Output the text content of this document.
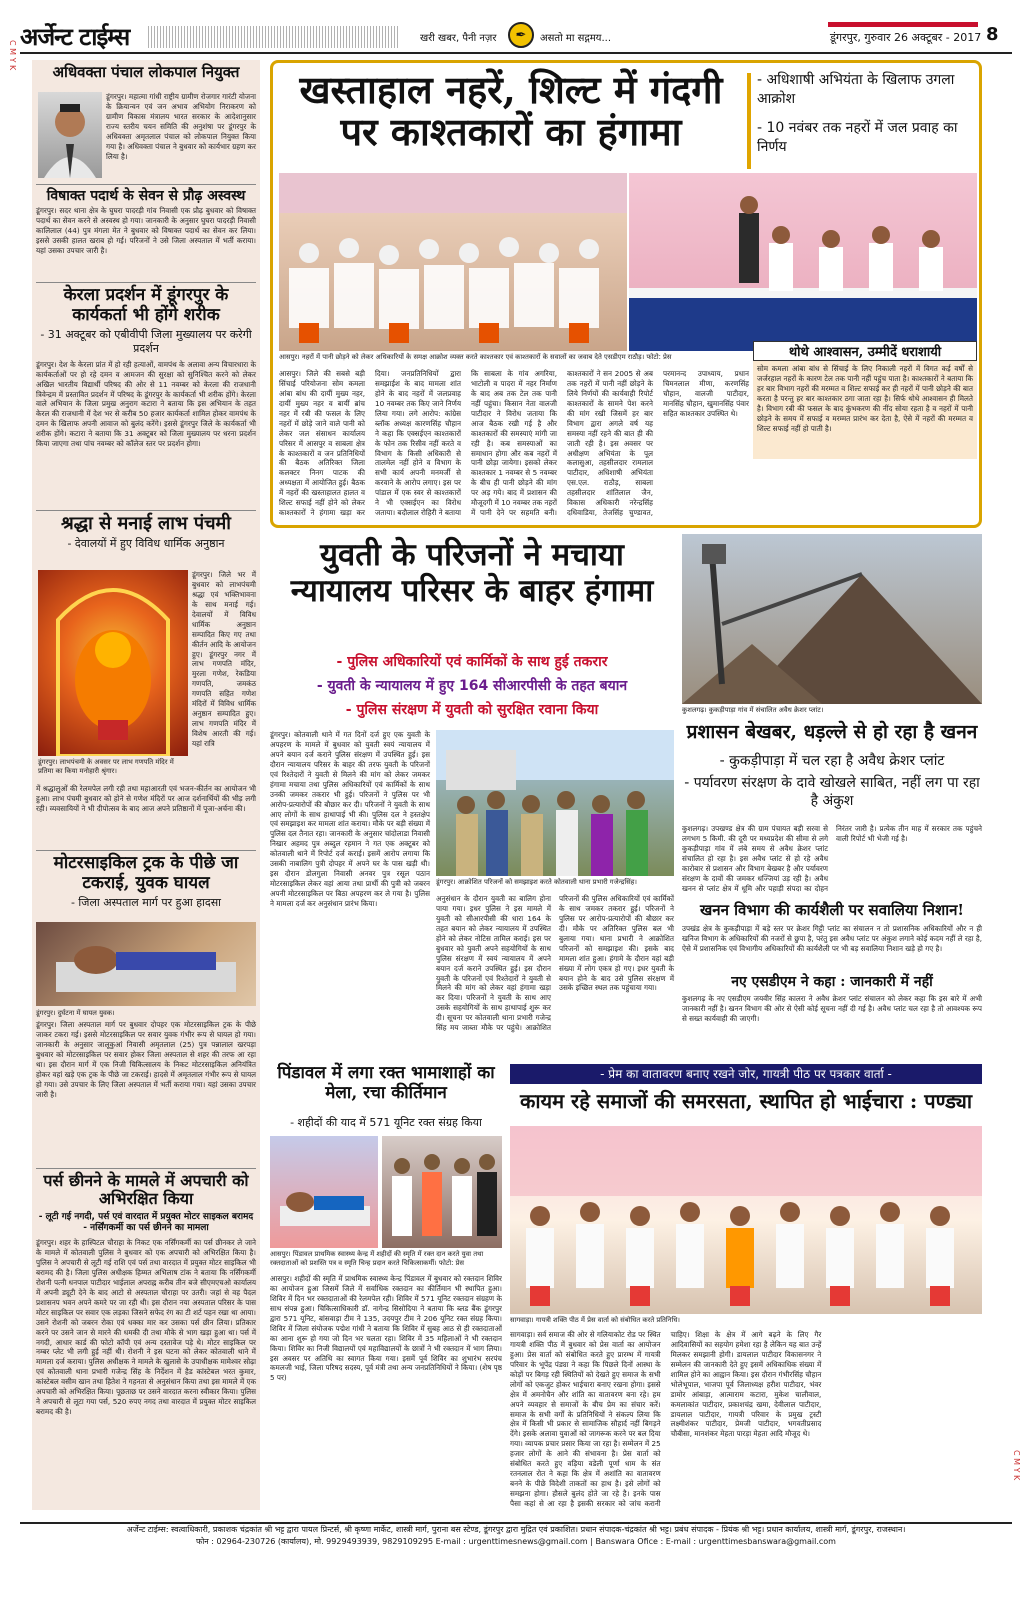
अर्जेन्ट टाईम्स	खरी खबर, पैनी नज़र	✒	असतो मा सद्गमय...	डूंगरपुर, गुरुवार 26 अक्टूबर - 2017 8
C M Y K
C M Y K
अधिवक्ता पंचाल लोकपाल नियुक्त

डूंगरपुर। महात्मा गांधी राष्ट्रीय ग्रामीण रोजगार गारंटी योजना के क्रियान्वन एवं जन अभाव अभियोग निराकरण को ग्रामीण विकास मंत्रालय भारत सरकार के आदेशानुसार राज्य स्तरीय चयन समिति की अनुशंषा पर डूंगरपुर के अधिवक्ता अमृतलाल पंचाल को लोकपाल नियुक्त किया गया है। अधिवक्ता पंचाल ने बुधवार को कार्यभार ग्रहण कर लिया है।

विषाक्त पदार्थ के सेवन से प्रौढ़ अस्वस्थ

डूंगरपुर। सदर थाना क्षेत्र के घुघरा पादरड़ी गांव निवासी एक प्रौढ़ बुधवार को विषाक्त पदार्थ का सेवन करने से अस्वस्थ हो गया। जानकारी के अनुसार घुघरा पादरड़ी निवासी कालिलाल (44) पुत्र मंगला मेत ने बुधवार को विषाक्त पदार्थ का सेवन कर लिया। इससे उसकी हालत खराब हो गई। परिजनों ने उसे जिला अस्पताल में भर्ती कराया। यहां उसका उपचार जारी है।

केरला प्रदर्शन में डूंगरपुर के कार्यकर्ता भी होंगे शरीक

- 31 अक्टूबर को एबीवीपी जिला मुख्यालय पर करेगी प्रदर्शन

डूंगरपुर। देश के केरला प्रांत में हो रही हत्याओं, वामपंथ के अलावा अन्य विचारधारा के कार्यकर्ताओं पर हो रहे दमन व आमजन की सुरक्षा को सुनिश्चित करने को लेकर अखिल भारतीय विद्यार्थी परिषद की ओर से 11 नवम्बर को केरला की राजधानी त्रिवेन्द्रम में प्रस्तावित प्रदर्शन में परिषद के डूंगरपुर के कार्यकर्ता भी शरीक होंगे। केरला वाले अभियान के जिला प्रमुख अनुराग कटारा ने बताया कि इस अभियान के तहत केरल की राजधानी में देश भर से करीब 50 हजार कार्यकर्ता शामिल होकर वामपंथ के दमन के खिलाफ अपनी आवाज को बुलंद करेंगे। इससे डूंगरपुर जिले के कार्यकर्ता भी शरीक होंगे। कटारा ने बताया कि 31 अक्टूबर को जिला मुख्यालय पर धरना प्रदर्शन किया जाएगा तथा पांच नवम्बर को कॉलेज स्तर पर प्रदर्शन होगा।

श्रद्धा से मनाई लाभ पंचमी

- देवालयों में हुए विविध धार्मिक अनुष्ठान

डूंगरपुर। जिले भर में बुधवार को लाभपंचमी श्रद्धा एवं भक्तिभावना के साथ मनाई गई। देवालयों में विविध धार्मिक अनुष्ठान सम्पादित किए गए तथा कीर्तन आदि के आयोजन हुए। डूंगरपुर नगर में लाभ गणपति मंदिर, मुरला गणेश, रेकडिया गणपति, जमकंठ गणपति सहित गणेश मंदिरों में विविध धार्मिक अनुष्ठान सम्पादित हुए। लाभ गणपति मंदिर में विशेष आरती की गई। यहां रात्रि

डूंगरपुर। लाभपंचमी के अवसर पर लाभ गणपति मंदिर में प्रतिमा का किया मनोहारी श्रृंगार।

में श्रद्धालुओं की रेलमपेल लगी रही तथा महाआरती एवं भजन-कीर्तन का आयोजन भी हुआ। लाभ पंचमी बुधवार को होने से गणेश मंदिरों पर आज दर्शनार्थियों की भीड़ लगी रही। व्यवसायियों ने भी दीपोत्सव के बाद आज अपने प्रतिष्ठानों में पूजा-अर्चना की।

मोटरसाइकिल ट्रक के पीछे जा टकराई, युवक घायल

- जिला अस्पताल मार्ग पर हुआ हादसा

डूंगरपुर। दुर्घटना में घायल युवक।

डूंगरपुर। जिला अस्पताल मार्ग पर बुधवार दोपहर एक मोटरसाइकिल ट्रक के पीछे जाकर टकरा गई। इससे मोटरसाइकिल पर सवार युवक गंभीर रूप से घायल हो गया। जानकारी के अनुसार जालूकुआं निवासी अमृतलाल (25) पुत्र पन्नालाल खरपड़ा बुधवार को मोटरसाइकिल पर सवार होकर जिला अस्पताल से शहर की तरफ आ रहा था। इस दौरान मार्ग में एक निजी चिकित्सालय के निकट मोटरसाइकिल अनियंत्रित होकर वहां खड़े एक ट्रक के पीछे जा टकराई। हादसे में अमृतलाल गंभीर रूप से घायल हो गया। उसे उपचार के लिए जिला अस्पताल में भर्ती कराया गया। यहां उसका उपचार जारी है।

पर्स छीनने के मामले में अपचारी को अभिरक्षित किया

- लूटी गई नगदी, पर्स एवं वारदात में प्रयुक्त मोटर साइकल बरामद - नर्सिंगकर्मी का पर्स छीनने का मामला

डूंगरपुर। शहर के हास्पिटल चौराहा के निकट एक नर्सिंगकर्मी का पर्स छीनकर ले जाने के मामले में कोतवाली पुलिस ने बुधवार को एक अपचारी को अभिरक्षित किया है। पुलिस ने अपचारी से लूटी गई राशि एवं पर्स तथा वारदात में प्रयुक्त मोटर साइकिल भी बरामद की है। जिला पुलिस अधीक्षक हिम्मत अभिलाष टांक ने बताया कि नर्सिंगकर्मी रोशनी पत्नी धनपाल पाटीदार भाईलाल अपराह्न करीब तीन बजे सीएमएचओ कार्यालय में अपनी ड्यूटी देने के बाद आटो से अस्पताल चौराहा पर उतरी। जहां से वह पैदल प्रशासनप भवन अपने कमरे पर जा रही थी। इस दौरान नया अस्पताल परिसर के पास मोटर साइकिल पर सवार एक लड़का जिसने सफेद रंग का टी शर्ट पहन रखा था आया। उसने रोशनी को जबरन रोका एवं धक्का मार कर उसका पर्स छीन लिया। प्रतिकार करने पर उसने जान से मारने की धमकी दी तथा मौके से भाग खड़ा हुआ था। पर्स में नगदी, आधार कार्ड की फोटो कॉपी एवं अन्य दस्तावेज पड़े थे। मोटर साइकिल पर नम्बर प्लेट भी लगी हुई नहीं थी। रोशनी ने इस घटना को लेकर कोतवाली थाने में मामला दर्ज कराया। पुलिस अधीक्षक ने मामले के खुलासे के उपाधीक्षक मामेश्वर सोढ़ा एवं कोतवाली थाना प्रभारी गजेन्द्र सिंह के निर्देशन में हैड कांस्टेबल भरत कुमार, कांस्टेबल वसीम खान तथा हितेश ने गहनता से अनुसंधान किया तथा इस मामले में एक अपचारी को अभिरक्षित किया। पूछताछ पर उसने वारदात करना स्वीकार किया। पुलिस ने अपचारी से लूटा गया पर्स, 520 रुपए नगद तथा वारदात में प्रयुक्त मोटर साइकिल बरामद की है।

खस्ताहाल नहरें, शिल्ट में गंदगी पर काश्तकारों का हंगामा

- अधिशाषी अभियंता के खिलाफ उगला आक्रोश

- 10 नवंबर तक नहरों में जल प्रवाह का निर्णय

आसपुर। नहरों में पानी छोड़ने को लेकर अधिकारियों के समक्ष आक्रोश व्यक्त करते काश्तकार एवं काश्तकारों के सवालों का जवाब देते एसडीएम राठौड़। फोटो: प्रेस

आसपुर। जिले की सबसे बड़ी सिंचाई परियोजना सोम कमला आंबा बांध की दायीं मुख्य नहर, दायीं मुख्य नहर व बायीं ब्रांच नहर में रबी की फसल के लिए नहरों में छोड़े जाने वाले पानी को लेकर जल संसाधन कार्यालय परिसर में आसपुर व साबला क्षेत्र के काश्तकारों व जन प्रतिनिधियों की बैठक अतिरिक्त जिला कलक्टर निनग पाटक की अध्यक्षता में आयोजित हुई। बैठक में नहरों की खस्ताहालत हालत व शिल्ट सफाई नहीं होने को लेकर काश्तकारों ने हंगामा खड़ा कर दिया। जनप्रतिनिधियों द्वारा समझाईश के बाद मामला शांत होने के बाद नहरों में जलप्रवाह 10 नवम्बर तक किए जाने निर्णय लिया गया। लगे आरोप: कांग्रेस ब्लॉक अध्यक्ष कारणसिंह चौहान ने कहा कि एक्सईएन काश्तकारों के फोन तक रिसीव नहीं करते व विभाग के किसी अधिकारी से तालमेल नहीं होने व विभाग के सभी कार्य अपनी मनमर्जी से करवाने के आरोप लगाए। इस पर पांडाल में एक स्वर से काश्तकारों ने भी एक्सईएन का विरोध जताया। बदौलाल रोहिरी ने बताया कि साबला के गांव अगरिया, भाटोली व पादरा में नहर निर्माण के बाद अब तक टेल तक पानी नहीं पहुंचा। किसान नेता वालजी पाटीदार ने विरोध जताया कि आज बैठक रखी गई है और काश्तकारों की समस्याएं मांगी जा रही है। कब समस्याओं का समाधान होगा और कब नहरों में पानी छोड़ा जायेगा। इसको लेकर काश्तकार 1 नवम्बर से 5 नवम्बर के बीच ही पानी छोड़ने की मांग पर अड़ गये। बाद में प्रशासन की मौजूदगी में 10 नवम्बर तक नहरों में पानी देने पर सहमति बनी। काश्तकारों ने सन 2005 से अब तक नहरों में पानी नहीं छोड़ने के लिये निर्णयों की कार्यवाही रिपोर्ट काश्तकारों के सामने पेश करने की मांग रखी जिसमें हर बार विभाग द्वारा अगले वर्ष यह समस्या नहीं रहने की बात ही की जाती रही है। इस अवसर पर अधीक्षण अभियंता के पूल कलासुआ, तहसीलदार रामलाल पाटीदार, अधिशाषी अभियंता एस.एल. राठौड़, साबला तहसीलदार शांतिलाल जैन, विकास अधिकारी नरेन्द्रसिंह दधिवाडिया, तेजसिंह चुण्डावत, परमानन्द उपाध्याय, प्रधान चिमनलाल मीणा, करणसिंह चौहान, वालजी पाटीदार, मानसिंह चौहान, खुमानसिंह पंवार सहित काश्तकार उपस्थित थे।

थोथे आश्वासन, उम्मीदें धराशायी

सोम कमला आंबा बांध से सिंचाई के लिए निकाली नहरों में विगत कई वर्षों से जर्जरहाल नहरों के कारण टेल तक पानी नहीं पहुंच पाता है। काश्तकारों ने बताया कि हर बार विभाग नहरों की मरम्मत व शिल्ट सफाई कर ही नहरों में पानी छोड़ने की बात करता है परन्तु हर बार काश्तकार ठगा जाता रहा है। सिर्फ थोथे आश्वासन ही मिलते है। विभाग रबी की फसल के बाद कुंभकरण की नींद सोया रहता है व नहरों में पानी छोड़ने के समय में सफाई व मरम्मत प्रारंभ कर देता है, ऐसे में नहरों की मरम्मत व शिल्ट सफाई नहीं हो पाती है।

युवती के परिजनों ने मचाया न्यायालय परिसर के बाहर हंगामा

- पुलिस अधिकारियों एवं कार्मिकों के साथ हुई तकरार

- युवती के न्यायालय में हुए 164 सीआरपीसी के तहत बयान

- पुलिस संरक्षण में युवती को सुरक्षित रवाना किया

डूंगरपुर। कोतवाली थाने में गत दिनों दर्ज हुए एक युवती के अपहरण के मामले में बुधवार को युवती स्वयं न्यायालय में अपने बयान दर्ज कराने पुलिस संरक्षण में उपस्थित हुई। इस दौरान न्यायालय परिसर के बाहर की तरफ युवती के परिजनों एवं रिश्तेदारों ने युवती से मिलने की मांग को लेकर जमकर हंगामा मचाया तथा पुलिस अधिकारियों एवं कार्मिकों के साथ उनकी जमकर तकरार भी हुई। परिजनों ने पुलिस पर भी आरोप-प्रत्यारोपों की बौछार कर दी। परिजनों ने युवती के साथ आए लोगों के साथ हाथापाई भी की। पुलिस दल ने हस्तक्षेप एवं समझाइश कर मामला शांत कराया। मौके पर बड़ी संख्या में पुलिस दल तैनात रहा। जानकारी के अनुसार चांदोलाडा निवासी निखार अहमद पुत्र अब्दुल रहमान ने गत एक अक्टूबर को कोतवाली थाने में रिपोर्ट दर्ज कराई। इसमें आरोप लगाया कि उसकी नाबालिग पुत्री दोपहर में अपने घर के पास खड़ी थी। इस दौरान डोलगुला निवासी अनवर पुत्र रसूल पठान मोटरसाइकिल लेकर वहां आया तथा प्रार्थी की पुत्री को जबरन अपनी मोटरसाइकिल पर बिठा अपहरण कर ले गया है। पुलिस ने मामला दर्ज कर अनुसंधान प्रारंभ किया।

डूंगरपुर। आक्रोशित परिजनों को समझाइश करते कोतवाली थाना प्रभारी गजेन्द्रसिंह।

अनुसंधान के दौरान युवती का बालिग होना पाया गया। इधर पुलिस ने इस मामले में युवती को सीआरपीसी की धारा 164 के तहत बयान को लेकर न्यायालय में उपस्थित होने को लेकर नोटिस तामिल कराई। इस पर बुधवार को युवती अपने सहयोगियों के साथ पुलिस संरक्षण में स्वयं न्यायालय में अपने बयान दर्ज कराने उपस्थित हुई। इस दौरान युवती के परिजनों एवं रिश्तेदारों ने युवती से मिलने की मांग को लेकर वहां हंगामा खड़ा कर दिया। परिजनों ने युवती के साथ आए उसके सहयोगियों के साथ हाथापाई शुरू कर दी। सूचना पर कोतवाली थाना प्रभारी गजेन्द्र सिंह मय जाब्ता मौके पर पहुंचे। आक्रोशित परिजनों की पुलिस अधिकारियों एवं कार्मिकों के साथ जमकर तकरार हुई। परिजनों ने पुलिस पर आरोप-प्रत्यारोपों की बौछार कर दी। मौके पर अतिरिक्त पुलिस बल भी बुलाया गया। थाना प्रभारी ने आक्रोशित परिजनों को समझाइश की। इसके बाद मामला शांत हुआ। हंगामे के दौरान वहां बड़ी संख्या में लोग एकत्र हो गए। इधर युवती के बयान होने के बाद उसे पुलिस संरक्षण में उसके इच्छित स्थल तक पहुंचाया गया।

कुशलगढ़। कुकड़ीपाड़ा गांव में संचालित अवैध क्रेशर प्लांट।

प्रशासन बेखबर, धड़ल्ले से हो रहा है खनन

- कुकड़ीपाड़ा में चल रहा है अवैध क्रेशर प्लांट

- पर्यावरण संरक्षण के दावे खोखले साबित, नहीं लग पा रहा है अंकुश

कुशलगढ़। उपखण्ड क्षेत्र की ग्राम पंचायत बड़ी सरवा से लगभग 5 किमी. की दूरी पर मध्यप्रदेश की सीमा से लगे कुकड़ीपाड़ा गांव में लंबे समय से अवैध क्रेशर प्लांट संचालित हो रहा है। इस अवैध प्लांट से हो रहे अवैध कारोबार से प्रशासन और विभाग बेखबर है और पर्यावरण संरक्षण के दावों की जमकर धज्जियां उड़ रही है। अवैध खनन से प्लांट क्षेत्र में धूमि और पहाड़ी संपदा का दोहन निरंतर जारी है। प्रत्येक तीन माह में सरकार तक पहुंचने वाली रिपोर्ट भी भेजी गई है।

खनन विभाग की कार्यशैली पर सवालिया निशान!

उपखंड क्षेत्र के कुकड़ीपाड़ा में बड़े स्तर पर क्रेशर गिट्टी प्लांट का संचालन न तो प्रशासनिक अधिकारियों और न ही खनिज विभाग के अधिकारियों की नजरों से छुपा है, परंतु इस अवैध प्लांट पर अंकुश लगाने कोई कदम नहीं ले रहा है, ऐसे में प्रशासनिक एवं विभागीय अधिकारियों की कार्यशैली पर भी बड़ सवालिया निशान खड़े हो गए है।

नए एसडीएम ने कहा : जानकारी में नहीं

कुशलगढ़ के नए एसडीएम जयवीर सिंह कालरा ने अवैध क्रेशर प्लांट संचालन को लेकर कहा कि इस बारे में अभी जानकारी नहीं है। खनन विभाग की ओर से ऐसी कोई सूचना नहीं दी गई है। अवैध प्लांट चल रहा है तो आवश्यक रूप से सख्त कार्यवाही की जाएगी।

पिंडावल में लगा रक्त भामाशाहों का मेला, रचा कीर्तिमान

- शहीदों की याद में 571 यूनिट रक्त संग्रह किया

आसपुर। पिंडावल प्राथमिक स्वास्थ्य केन्द्र में शहीदों की स्मृति में रक्त दान करते युवा तथा रक्तदाताओं को प्रशस्ति पत्र व स्मृति चिन्ह प्रदान करते चिकित्साकर्मी। फोटो: प्रेस

आसपुर। शहीदों की स्मृति में प्राथमिक स्वास्थ्य केन्द्र पिंडावल में बुधवार को रक्तदान शिविर का आयोजन हुआ जिसमें जिले में सर्वाधिक रक्तदान का कीर्तिमान भी स्थापित हुआ। शिविर में दिन भर रक्तदाताओं की रेलमपेल रही। शिविर में 571 यूनिट रक्तदान संग्रहण के साथ संपन्न हुआ। चिकित्साधिकारी डॉ. नागेन्द्र सिसोदिया ने बताया कि ब्लड बैंक डूंगरपुर द्वारा 571 यूनिट, बांसवाड़ा टीम ने 135, उदयपुर टीम ने 206 यूनिट रक्त संग्रह किया। शिविर में जिला संयोजक पद्मेश गांधी ने बताया कि शिविर में सुबह आठ से ही रक्तदाताओं का आना शुरू हो गया जो दिन भर चलता रहा। शिविर में 35 महिलाओं ने भी रक्तदान किया। शिविर का निजी विद्यालयों एवं महाविद्यालयों के छात्रों ने भी रक्तदान में भाग लिया। इस अवसर पर अतिथि का स्वागत किया गया। इसमें पूर्व शिविर का शुभारंभ सरपंच कमलजी भाई, जिला परिषद सदस्य, पूर्व मंत्री तथा अन्य जनप्रतिनिधियों ने किया। (शेष पृष्ठ 5 पर)

- प्रेम का वातावरण बनाए रखने जोर, गायत्री पीठ पर पत्रकार वार्ता -
कायम रहे समाजों की समरसता, स्थापित हो भाईचारा : पण्ड्या

सागवाड़ा। गायत्री शक्ति पीठ में प्रेस वार्ता को संबोधित करते प्रतिनिधि।

सागवाड़ा। सर्व समाज की ओर से गलियाकोट रोड पर स्थित गायत्री शक्ति पीठ में बुधवार को प्रेस वार्ता का आयोजन हुआ। प्रेस वार्ता को संबोधित करते हुए प्रारम्भ में गायत्री परिवार के भूपेंद्र पंड्या ने कहा कि पिछले दिनों आस्था के कोड़ों पर बिगड़ रही स्थितियों को देखते हुए समाज के सभी लोगों को एकजुट होकर भाईचारा बनाए रखना होगा। इससे क्षेत्र में अमनोचैन और शांति का वातावरण बना रहे। हम अपने व्यवहार से समाजों के बीच प्रेम का संचार करें। समाज के सभी वर्गों के प्रतिनिधियों ने संकल्प लिया कि क्षेत्र में किसी भी प्रकार से सामाजिक सौहार्द नहीं बिगड़ने देंगे। इसके अलावा युवाओं को जागरूक करने पर बल दिया गया। व्यापक प्रचार प्रसार किया जा रहा है। सम्मेलन में 25 हजार लोगों के आने की संभावना है। प्रेस वार्ता को संबोधित करते हुए वड़िया वडेली पूर्णा धाम के संत रतनलाल रोत ने कहा कि क्षेत्र में अशांति का वातावरण बनने के पीछे विदेशी ताकतों का हाथ है। इसे लोगों को समझना होगा। हौसले बुलंद होते जा रहे है। इनके पास पैसा कहां से आ रहा है इसकी सरकार को जांच करानी चाहिए। शिक्षा के क्षेत्र में आगे बढ़ने के लिए गैर आदिवासियों का सहयोग हमेशा रहा है लेकिन यह बात उन्हें मिलकर समझानी होगी। डायलाल पाटीदार विकासनगर ने सम्मेलन की जानकारी देते हुए इसमें अधिकाधिक संख्या में शामिल होने का आह्वान किया। इस दौरान गंभीरसिंह चौहान भोलेभूपाल, भाजपा पूर्व जिलाध्यक्ष हरीश पाटीदार, भंवर डामोर आंबाड़ा, आत्माराम कटारा, मुकेश चालीवाल, कमलाकांत पाटीदार, प्रकाशचंद्र खमा, देवीलाल पाटीदार, डायलाल पाटीदार, गायत्री परिवार के प्रमुख ट्रस्टी लक्ष्मीशंकर पाटीदार, प्रेमजी पाटीदार, भगवतीप्रसाद चौबीसा, मानशंकर मेहता पारड़ा मेहता आदि मौजूद थे।

अर्जेन्ट टाईम्स: स्वत्वाधिकारी, प्रकाशक चंद्रकांत श्री भट्ट द्वारा पायल प्रिन्टर्स, श्री कृष्णा मार्केट, शास्त्री मार्ग, पुराना बस स्टेण्ड, डूंगरपुर द्वारा मुद्रित एवं प्रकाशित। प्रधान संपादक-चंद्रकांत श्री भट्ट। प्रबंध संपादक - प्रियंक श्री भट्ट। प्रधान कार्यालय, शास्त्री मार्ग, डूंगरपुर, राजस्थान।
फोन : 02964-230726 (कार्यालय), मो. 9929493939, 9829109295 E-mail : urgenttimesnews@gmail.com | Banswara Ofice : E-mail : urgenttimesbanswara@gmail.com
